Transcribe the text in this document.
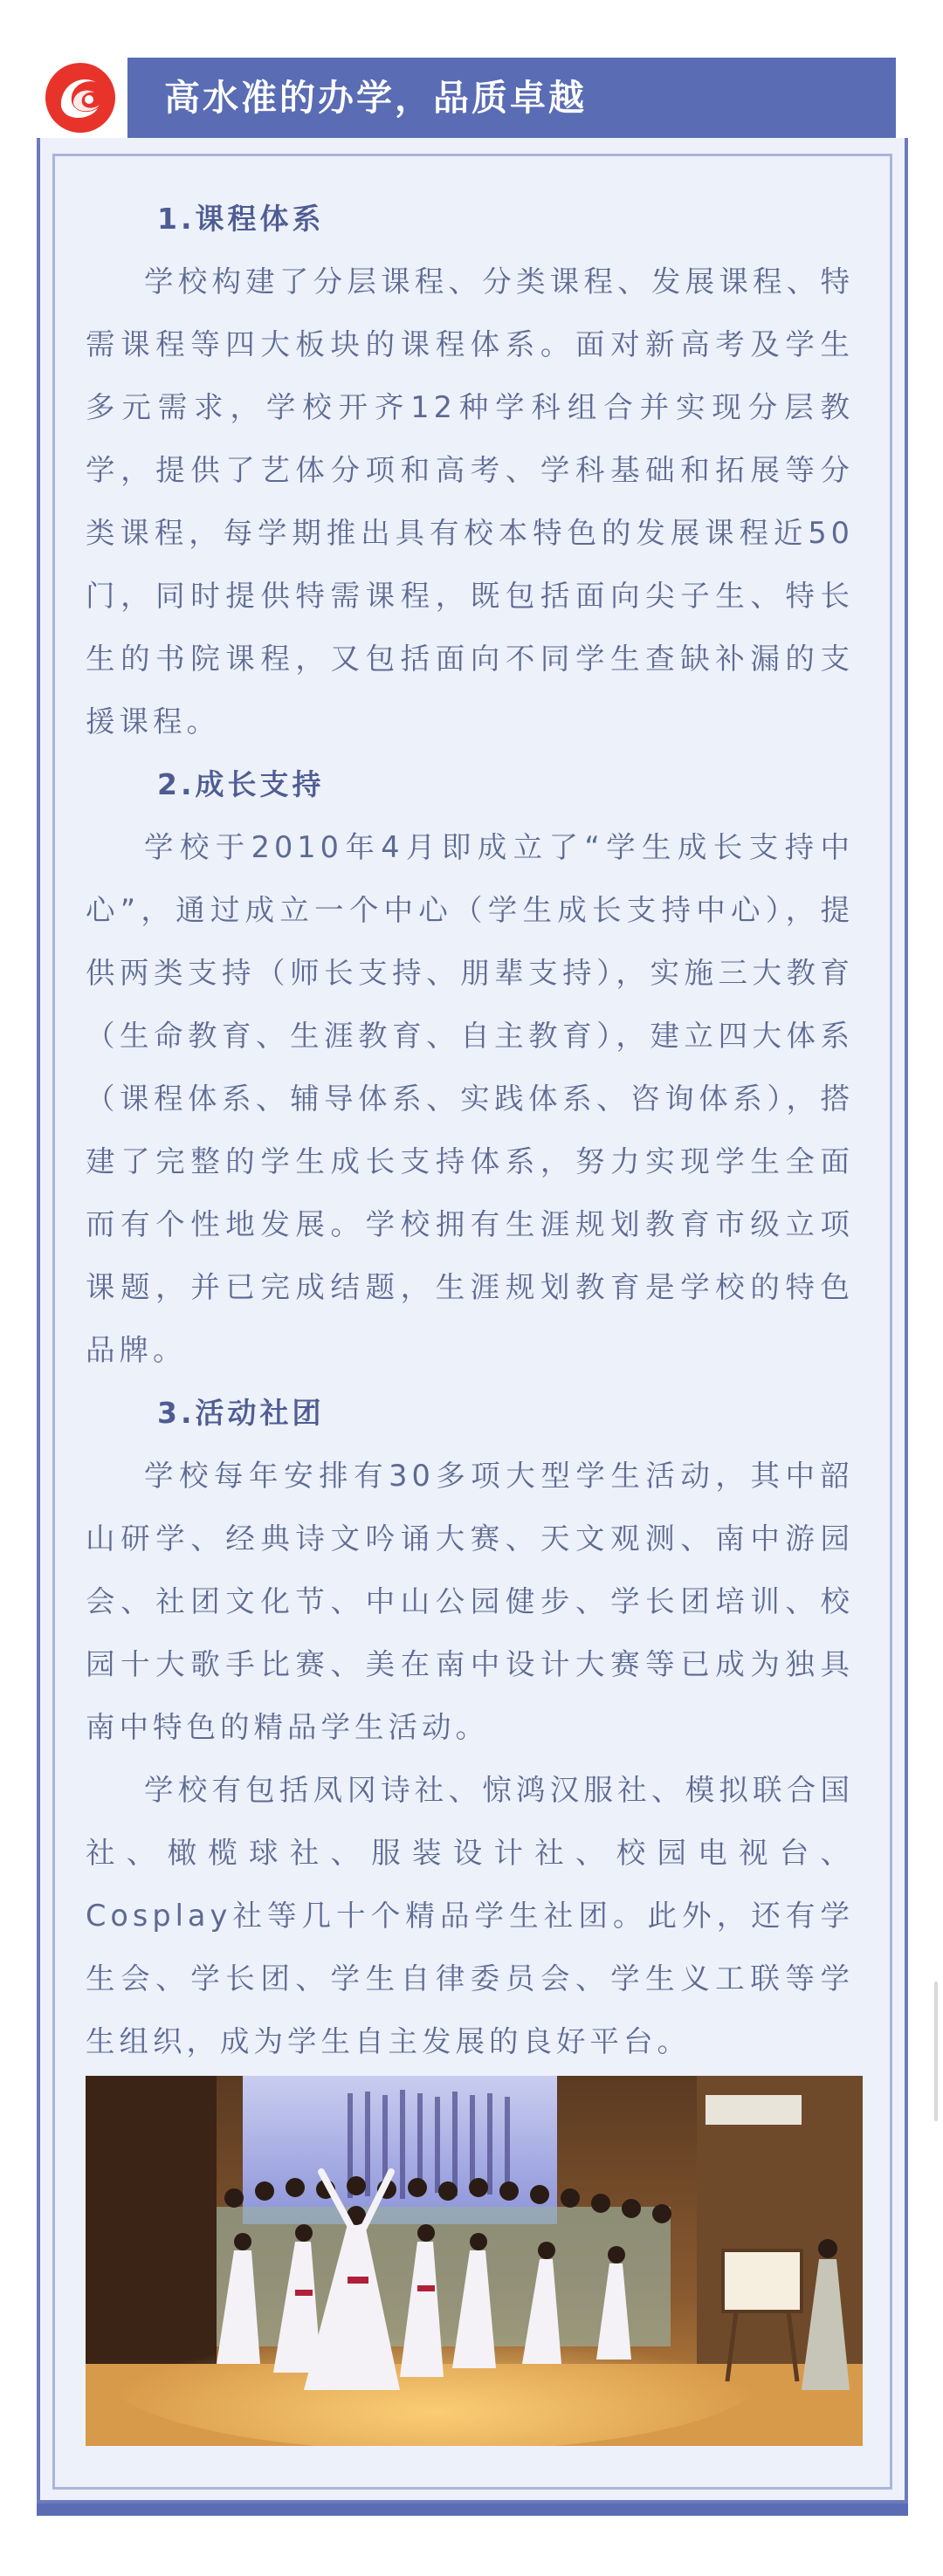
高水准的办学，品质卓越
1.课程体系

学校构建了分层课程、分类课程、发展课程、特需课程等四大板块的课程体系。面对新高考及学生多元需求，学校开齐12种学科组合并实现分层教学，提供了艺体分项和高考、学科基础和拓展等分类课程，每学期推出具有校本特色的发展课程近50门，同时提供特需课程，既包括面向尖子生、特长生的书院课程，又包括面向不同学生查缺补漏的支援课程。

2.成长支持

学校于2010年4月即成立了“学生成长支持中心”，通过成立一个中心（学生成长支持中心），提供两类支持（师长支持、朋辈支持），实施三大教育（生命教育、生涯教育、自主教育），建立四大体系（课程体系、辅导体系、实践体系、咨询体系），搭建了完整的学生成长支持体系，努力实现学生全面而有个性地发展。学校拥有生涯规划教育市级立项课题，并已完成结题，生涯规划教育是学校的特色品牌。

3.活动社团

学校每年安排有30多项大型学生活动，其中韶山研学、经典诗文吟诵大赛、天文观测、南中游园会、社团文化节、中山公园健步、学长团培训、校园十大歌手比赛、美在南中设计大赛等已成为独具南中特色的精品学生活动。

学校有包括凤冈诗社、惊鸿汉服社、模拟联合国社、橄榄球社、服装设计社、校园电视台、Cosplay社等几十个精品学生社团。此外，还有学生会、学长团、学生自律委员会、学生义工联等学生组织，成为学生自主发展的良好平台。
